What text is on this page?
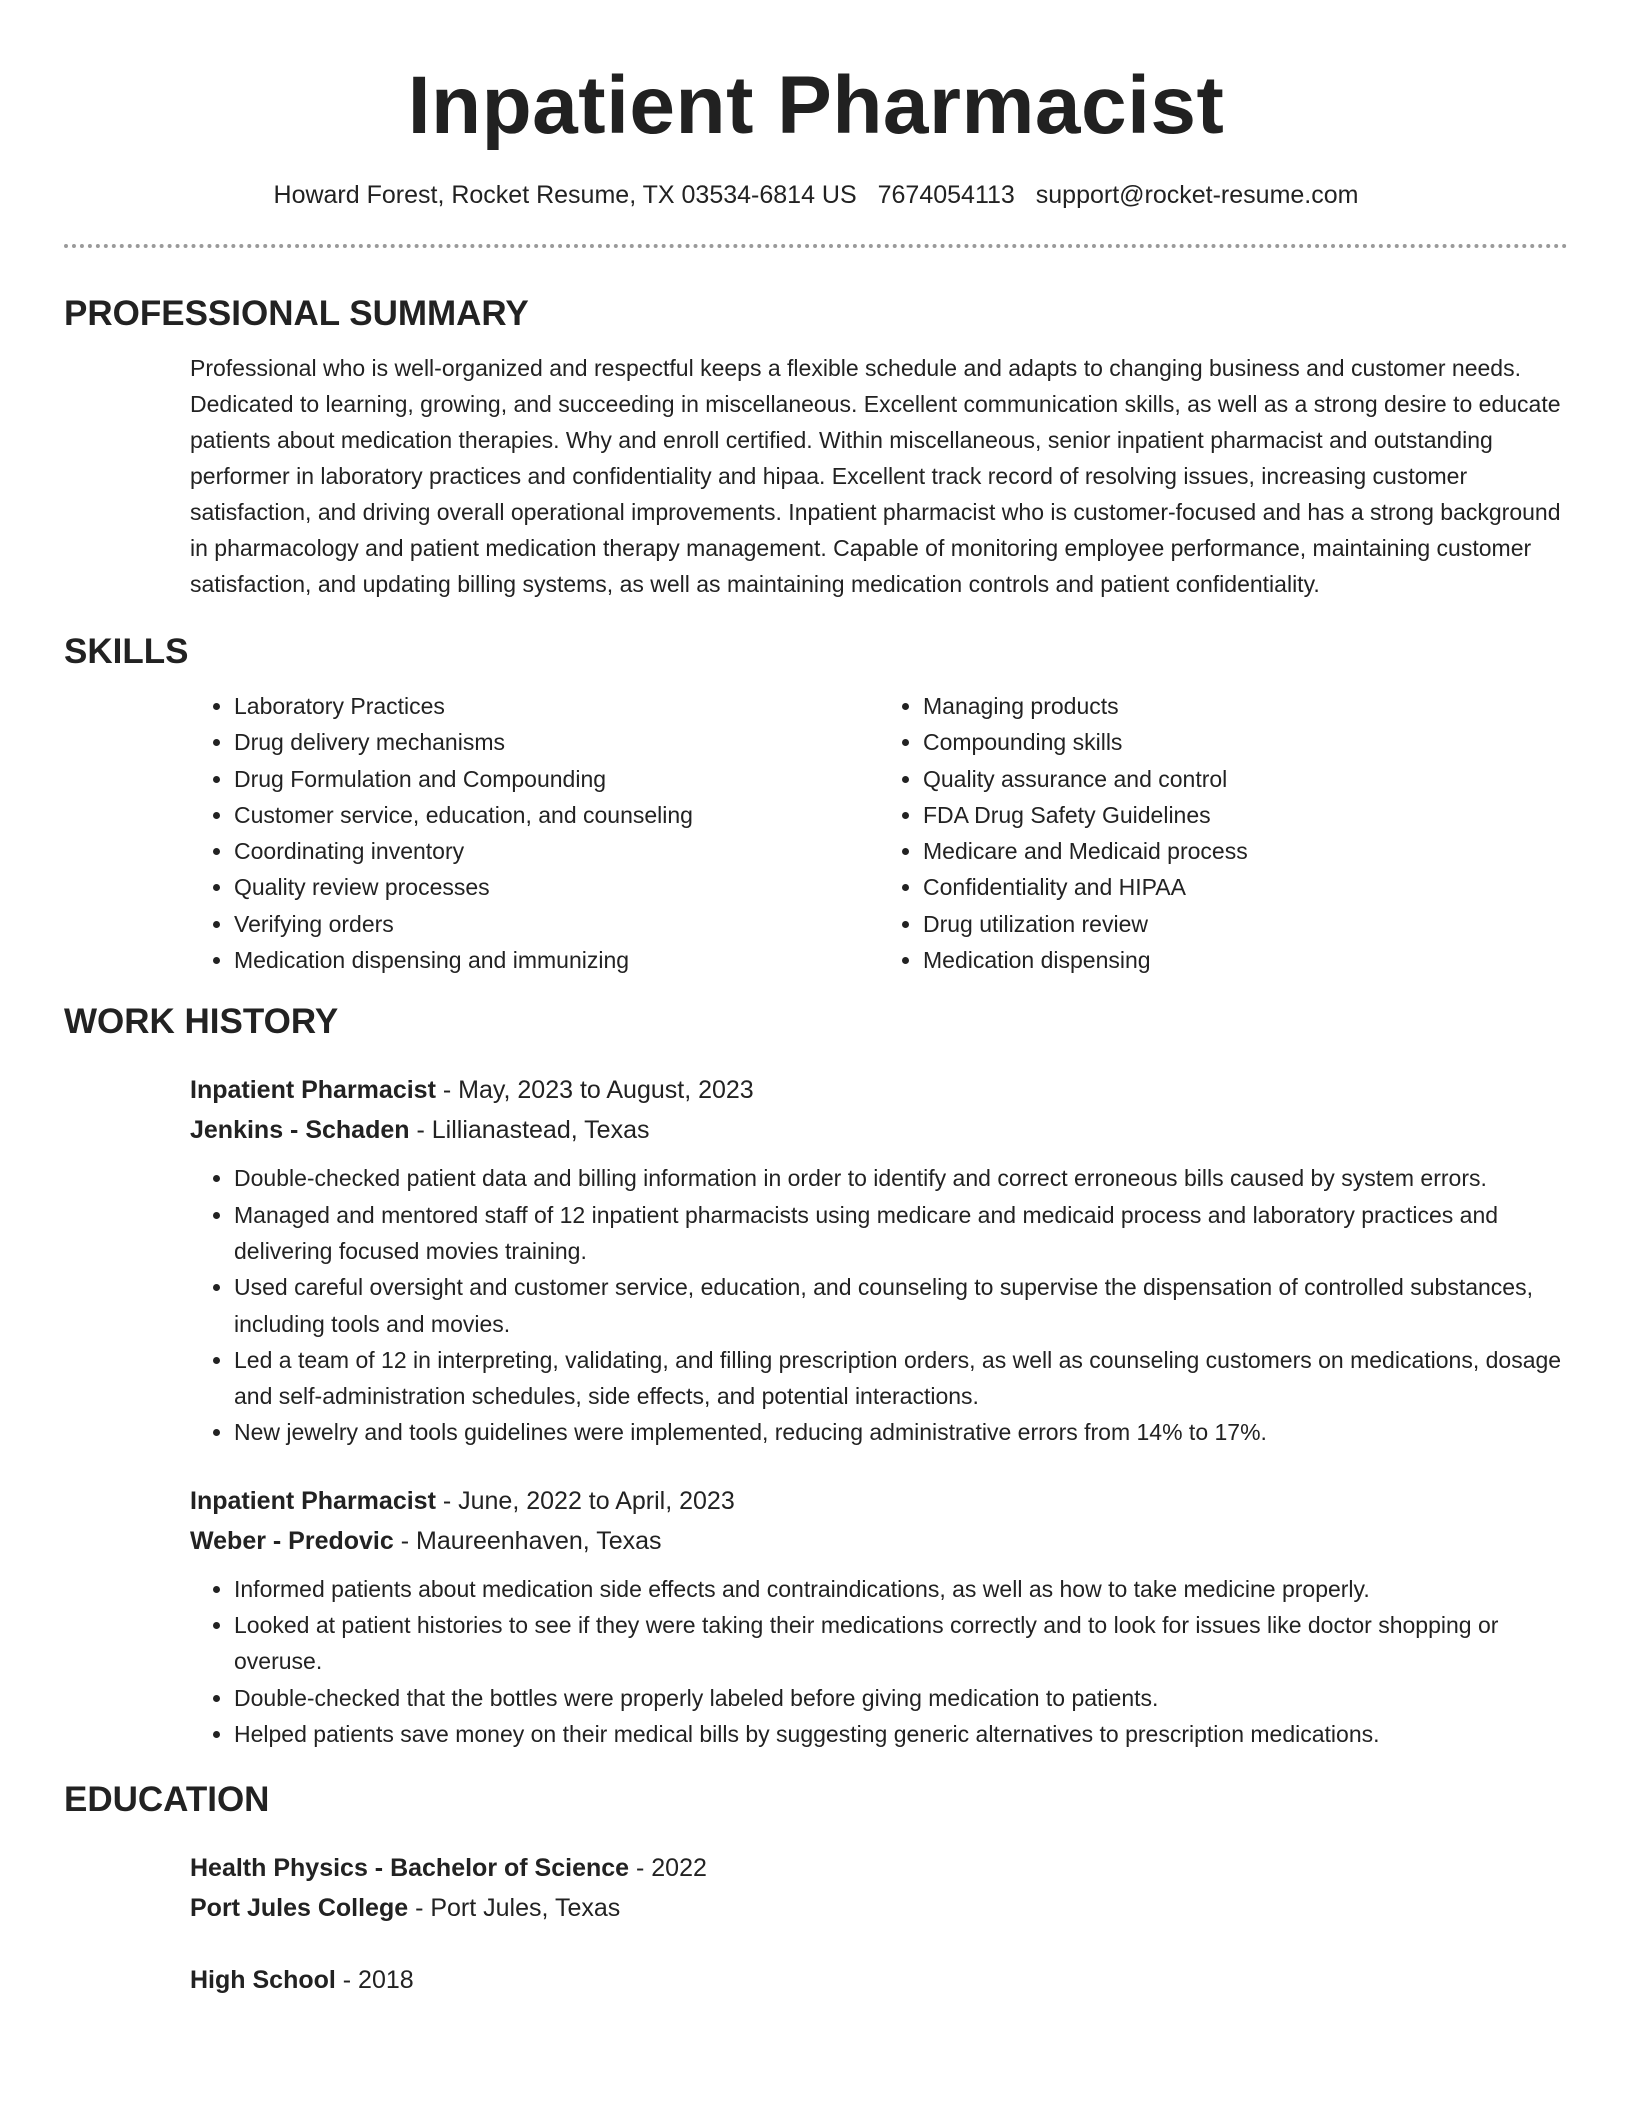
Inpatient Pharmacist
Howard Forest, Rocket Resume, TX 03534-6814 US 7674054113 support@rocket-resume.com
PROFESSIONAL SUMMARY
Professional who is well-organized and respectful keeps a flexible schedule and adapts to changing business and customer needs. Dedicated to learning, growing, and succeeding in miscellaneous. Excellent communication skills, as well as a strong desire to educate patients about medication therapies. Why and enroll certified. Within miscellaneous, senior inpatient pharmacist and outstanding performer in laboratory practices and confidentiality and hipaa. Excellent track record of resolving issues, increasing customer satisfaction, and driving overall operational improvements. Inpatient pharmacist who is customer-focused and has a strong background in pharmacology and patient medication therapy management. Capable of monitoring employee performance, maintaining customer satisfaction, and updating billing systems, as well as maintaining medication controls and patient confidentiality.
SKILLS
• Laboratory Practices
• Drug delivery mechanisms
• Drug Formulation and Compounding
• Customer service, education, and counseling
• Coordinating inventory
• Quality review processes
• Verifying orders
• Medication dispensing and immunizing
• Managing products
• Compounding skills
• Quality assurance and control
• FDA Drug Safety Guidelines
• Medicare and Medicaid process
• Confidentiality and HIPAA
• Drug utilization review
• Medication dispensing
WORK HISTORY
Inpatient Pharmacist - May, 2023 to August, 2023
Jenkins - Schaden - Lillianastead, Texas
• Double-checked patient data and billing information in order to identify and correct erroneous bills caused by system errors.
• Managed and mentored staff of 12 inpatient pharmacists using medicare and medicaid process and laboratory practices and delivering focused movies training.
• Used careful oversight and customer service, education, and counseling to supervise the dispensation of controlled substances, including tools and movies.
• Led a team of 12 in interpreting, validating, and filling prescription orders, as well as counseling customers on medications, dosage and self-administration schedules, side effects, and potential interactions.
• New jewelry and tools guidelines were implemented, reducing administrative errors from 14% to 17%.
Inpatient Pharmacist - June, 2022 to April, 2023
Weber - Predovic - Maureenhaven, Texas
• Informed patients about medication side effects and contraindications, as well as how to take medicine properly.
• Looked at patient histories to see if they were taking their medications correctly and to look for issues like doctor shopping or overuse.
• Double-checked that the bottles were properly labeled before giving medication to patients.
• Helped patients save money on their medical bills by suggesting generic alternatives to prescription medications.
EDUCATION
Health Physics - Bachelor of Science - 2022
Port Jules College - Port Jules, Texas
High School - 2018
